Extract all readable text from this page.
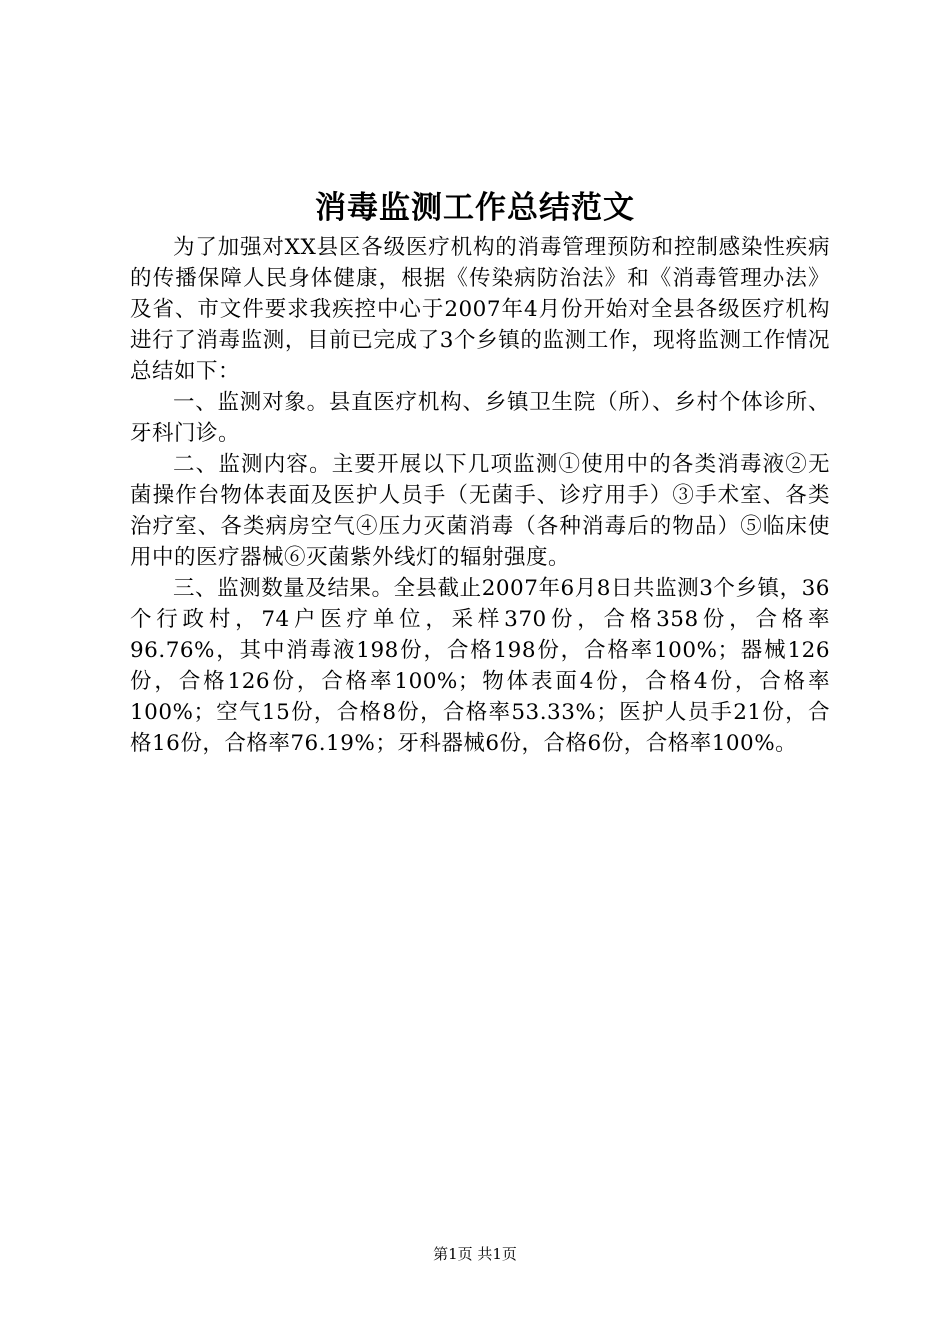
消毒监测工作总结范文

为了加强对XX县区各级医疗机构的消毒管理预防和控制感染性疾病的传播保障人民身体健康，根据《传染病防治法》和《消毒管理办法》及省、市文件要求我疾控中心于2007年4月份开始对全县各级医疗机构进行了消毒监测，目前已完成了3个乡镇的监测工作，现将监测工作情况总结如下：

一、监测对象。县直医疗机构、乡镇卫生院（所）、乡村个体诊所、牙科门诊。

二、监测内容。主要开展以下几项监测①使用中的各类消毒液②无菌操作台物体表面及医护人员手（无菌手、诊疗用手）③手术室、各类治疗室、各类病房空气④压力灭菌消毒（各种消毒后的物品）⑤临床使用中的医疗器械⑥灭菌紫外线灯的辐射强度。

三、监测数量及结果。全县截止2007年6月8日共监测3个乡镇，36个行政村，74户医疗单位，采样370份，合格358份，合格率96.76%，其中消毒液198份，合格198份，合格率100%；器械126份，合格126份，合格率100%；物体表面4份，合格4份，合格率100%；空气15份，合格8份，合格率53.33%；医护人员手21份，合格16份，合格率76.19%；牙科器械6份，合格6份，合格率100%。

第1页 共1页
